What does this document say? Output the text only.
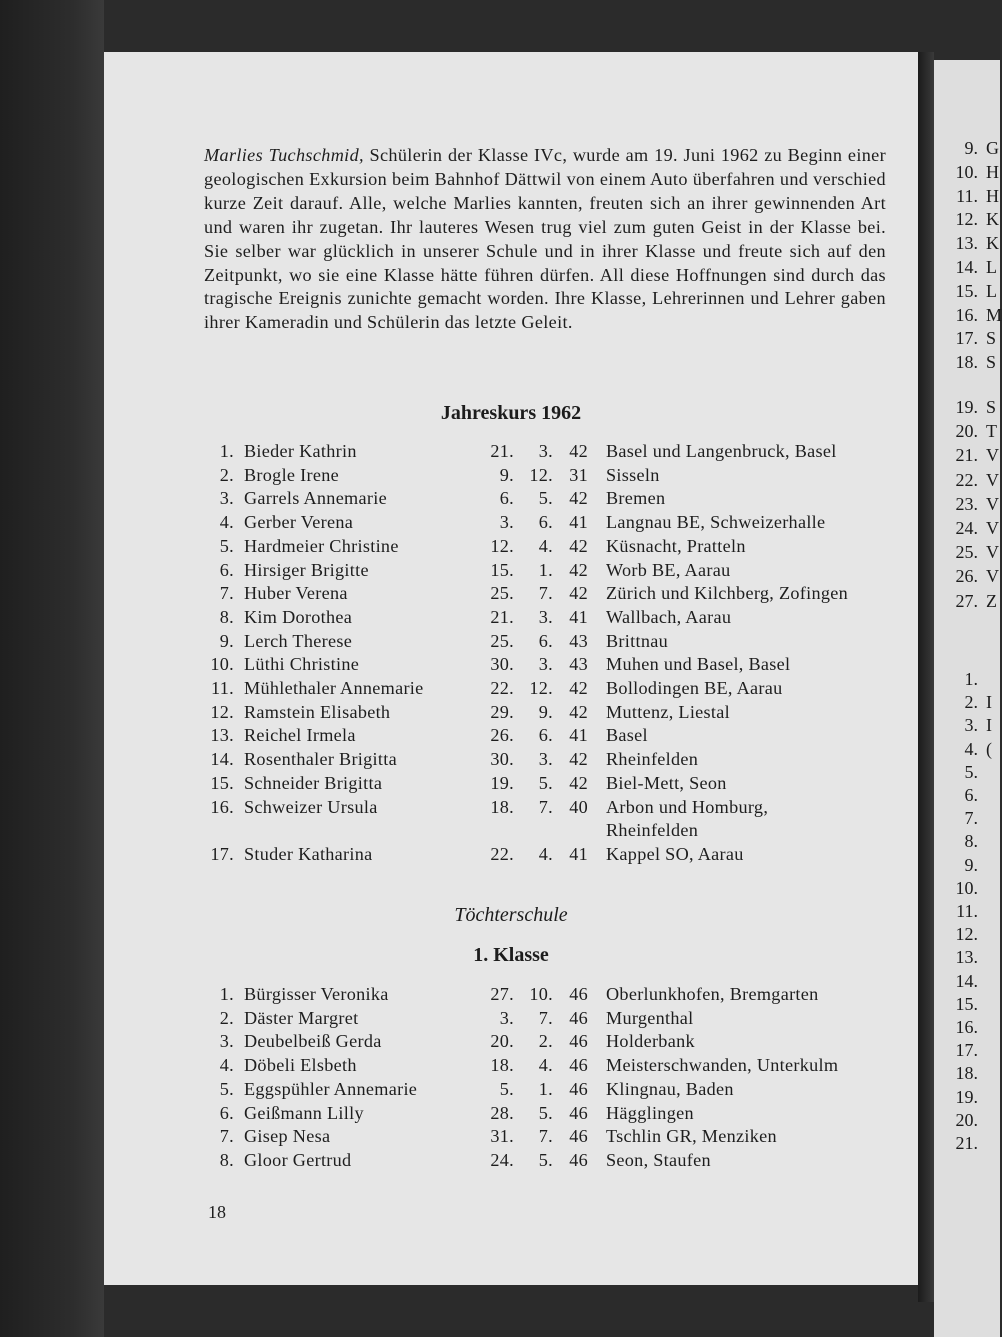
Marlies Tuchschmid, Schülerin der Klasse IVc, wurde am 19. Juni 1962 zu Beginn einer geologischen Exkursion beim Bahnhof Dättwil von einem Auto überfahren und verschied kurze Zeit darauf. Alle, welche Marlies kannten, freuten sich an ihrer gewinnenden Art und waren ihr zugetan. Ihr lauteres Wesen trug viel zum guten Geist in der Klasse bei. Sie selber war glücklich in unserer Schule und in ihrer Klasse und freute sich auf den Zeitpunkt, wo sie eine Klasse hätte führen dürfen. All diese Hoffnungen sind durch das tragische Ereignis zunichte gemacht worden. Ihre Klasse, Lehrerinnen und Lehrer gaben ihrer Kameradin und Schülerin das letzte Geleit.

Jahreskurs 1962
1. Bieder Kathrin	21.	3. 42 Basel und Langenbruck, Basel
2. Brogle Irene	9. 12. 31 Sisseln
3. Garrels Annemarie	6.	5. 42 Bremen
4. Gerber Verena	3.	6. 41 Langnau BE, Schweizerhalle
5. Hardmeier Christine	12.	4. 42 Küsnacht, Pratteln
6. Hirsiger Brigitte	15.	1. 42 Worb BE, Aarau
7. Huber Verena	25.	7. 42 Zürich und Kilchberg, Zofingen
8. Kim Dorothea	21.	3. 41 Wallbach, Aarau
9. Lerch Therese	25.	6. 43 Brittnau
10. Lüthi Christine	30.	3. 43 Muhen und Basel, Basel
11. Mühlethaler Annemarie	22. 12. 42 Bollodingen BE, Aarau
12. Ramstein Elisabeth	29.	9. 42 Muttenz, Liestal
13. Reichel Irmela	26.	6. 41 Basel
14. Rosenthaler Brigitta	30.	3. 42 Rheinfelden
15. Schneider Brigitta	19.	5. 42 Biel-Mett, Seon
16. Schweizer Ursula	18.	7. 40 Arbon und Homburg,
Rheinfelden
17. Studer Katharina	22.	4. 41 Kappel SO, Aarau
Töchterschule
1. Klasse
1. Bürgisser Veronika	27. 10. 46 Oberlunkhofen, Bremgarten
2. Däster Margret	3.	7. 46 Murgenthal
3. Deubelbeiß Gerda	20.	2. 46 Holderbank
4. Döbeli Elsbeth	18.	4. 46 Meisterschwanden, Unterkulm
5. Eggspühler Annemarie	5.	1. 46 Klingnau, Baden
6. Geißmann Lilly	28.	5. 46 Hägglingen
7. Gisep Nesa	31.	7. 46 Tschlin GR, Menziken
8. Gloor Gertrud	24.	5. 46 Seon, Staufen
18
9. G
10. H
11. H
12. K
13. K
14. L
15. L
16. M
17. S
18. S
19. S
20. T
21. V
22. V
23. V
24. V
25. V
26. V
27. Z
1.
2. I
3. I
4. (
5.
6.
7.
8.
9.
10.
11.
12.
13.
14.
15.
16.
17.
18.
19.
20.
21.
